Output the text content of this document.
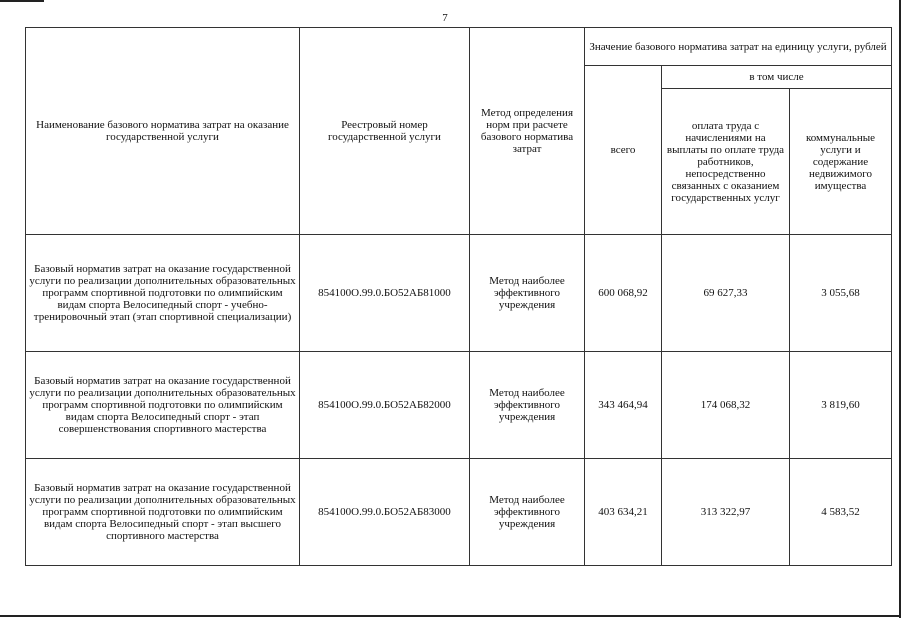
7
Наименование базового норматива затрат на оказание государственной услуги	Реестровый номер государственной услуги	Метод определения норм при расчете базового норматива затрат	Значение базового норматива затрат на единицу услуги, рублей		
			всего	в том числе	
				оплата труда с начислениями на выплаты по оплате труда работников, непосредственно связанных с оказанием государственных услуг	коммунальные услуги и содержание недвижимого имущества
Базовый норматив затрат на оказание государственной услуги по реализации дополнительных образовательных программ спортивной подготовки по олимпийским видам спорта Велосипедный спорт - учебно-тренировочный этап (этап спортивной специализации)	854100О.99.0.БО52АБ81000	Метод наиболее эффективного учреждения	600 068,92	69 627,33	3 055,68
Базовый норматив затрат на оказание государственной услуги по реализации дополнительных образовательных программ спортивной подготовки по олимпийским видам спорта Велосипедный спорт - этап совершенствования спортивного мастерства	854100О.99.0.БО52АБ82000	Метод наиболее эффективного учреждения	343 464,94	174 068,32	3 819,60
Базовый норматив затрат на оказание государственной услуги по реализации дополнительных образовательных программ спортивной подготовки по олимпийским видам спорта Велосипедный спорт - этап высшего спортивного мастерства	854100О.99.0.БО52АБ83000	Метод наиболее эффективного учреждения	403 634,21	313 322,97	4 583,52
